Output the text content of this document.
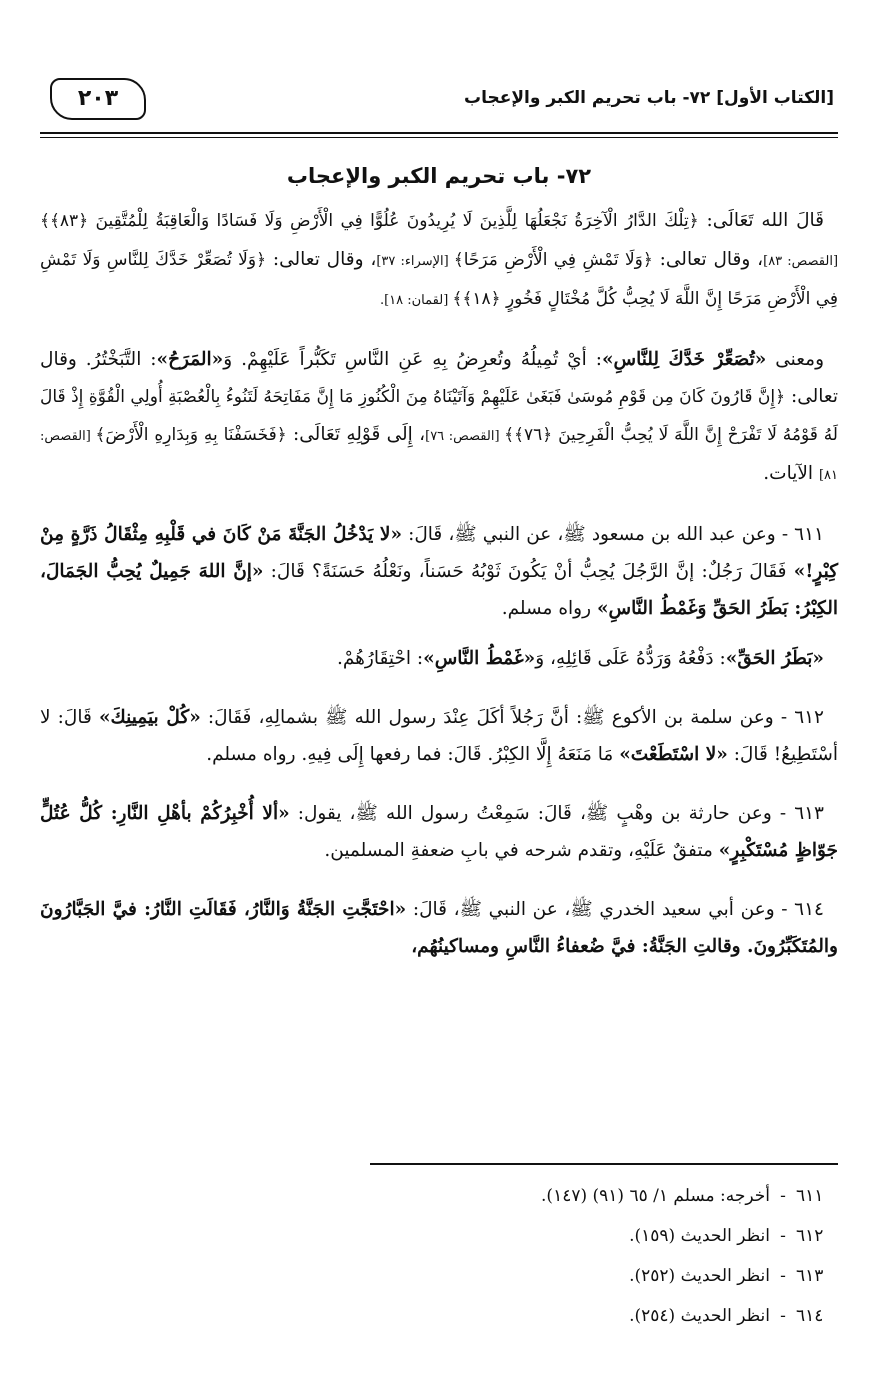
[الكتاب الأول] ٧٢- باب تحريم الكبر والإعجاب
٢٠٣
٧٢- باب تحريم الكبر والإعجاب

قَالَ الله تَعَالَى: ﴿تِلْكَ الدَّارُ الْآخِرَةُ نَجْعَلُهَا لِلَّذِينَ لَا يُرِيدُونَ عُلُوًّا فِي الْأَرْضِ وَلَا فَسَادًا وَالْعَاقِبَةُ لِلْمُتَّقِينَ ﴿٨٣﴾﴾ [القصص: ٨٣]، وقال تعالى: ﴿وَلَا تَمْشِ فِي الْأَرْضِ مَرَحًا﴾ [الإسراء: ٣٧]، وقال تعالى: ﴿وَلَا تُصَعِّرْ خَدَّكَ لِلنَّاسِ وَلَا تَمْشِ فِي الْأَرْضِ مَرَحًا إِنَّ اللَّهَ لَا يُحِبُّ كُلَّ مُخْتَالٍ فَخُورٍ ﴿١٨﴾﴾ [لقمان: ١٨].

ومعنى «تُصَعِّرْ خَدَّكَ لِلنَّاسِ»: أيْ تُمِيلُهُ وتُعرِضُ بِهِ عَنِ النَّاسِ تَكَبُّراً عَلَيْهِمْ. وَ«المَرَحُ»: التَّبَخْتُرُ. وقال تعالى: ﴿إِنَّ قَارُونَ كَانَ مِن قَوْمِ مُوسَىٰ فَبَغَىٰ عَلَيْهِمْ وَآتَيْنَاهُ مِنَ الْكُنُوزِ مَا إِنَّ مَفَاتِحَهُ لَتَنُوءُ بِالْعُصْبَةِ أُولِي الْقُوَّةِ إِذْ قَالَ لَهُ قَوْمُهُ لَا تَفْرَحْ إِنَّ اللَّهَ لَا يُحِبُّ الْفَرِحِينَ ﴿٧٦﴾﴾ [القصص: ٧٦]، إِلَى قَوْلِهِ تَعَالَى: ﴿فَخَسَفْنَا بِهِ وَبِدَارِهِ الْأَرْضَ﴾ [القصص: ٨١] الآيات.

٦١١ - وعن عبد الله بن مسعود ﷺ، عن النبي ﷺ، قَالَ: «لا يَدْخُلُ الجَنَّةَ مَنْ كَانَ في قَلْبِهِ مِثْقَالُ ذَرَّةٍ مِنْ كِبْرٍ!» فَقَالَ رَجُلٌ: إنَّ الرَّجُلَ يُحِبُّ أنْ يَكُونَ ثَوْبُهُ حَسَناً، ونَعْلُهُ حَسَنَةً؟ قَالَ: «إنَّ اللهَ جَمِيلٌ يُحِبُّ الجَمَالَ، الكِبْرُ: بَطَرُ الحَقِّ وَغَمْطُ النَّاسِ» رواه مسلم.

«بَطَرُ الحَقِّ»: دَفْعُهُ وَرَدُّهُ عَلَى قَائِلِهِ، وَ«غَمْطُ النَّاسِ»: احْتِقَارُهُمْ.

٦١٢ - وعن سلمة بن الأكوع ﷺ: أنَّ رَجُلاً أكَلَ عِنْدَ رسول الله ﷺ بشمالِهِ، فَقَالَ: «كُلْ بيَمِينِكَ» قَالَ: لا أسْتَطِيعُ! قَالَ: «لا اسْتَطَعْتَ» مَا مَنَعَهُ إِلَّا الكِبْرُ. قَالَ: فما رفعها إِلَى فِيهِ. رواه مسلم.

٦١٣ - وعن حارثة بن وهْبٍ ﷺ، قَالَ: سَمِعْتُ رسول الله ﷺ، يقول: «ألا أُخْبِرُكُمْ بأهْلِ النَّارِ: كُلُّ عُتُلٍّ جَوّاظٍ مُسْتَكْبِرٍ» متفقٌ عَلَيْهِ، وتقدم شرحه في بابِ ضعفةِ المسلمين.

٦١٤ - وعن أبي سعيد الخدري ﷺ، عن النبي ﷺ، قَالَ: «احْتَجَّتِ الجَنَّةُ وَالنَّارُ، فَقَالَتِ النَّارُ: فيَّ الجَبَّارُونَ والمُتَكَبِّرُونَ. وقالتِ الجَنَّةُ: فيَّ ضُعفاءُ النَّاسِ ومساكينُهُم،

٦١١
-
أخرجه: مسلم ١/ ٦٥ (٩١) (١٤٧).
٦١٢
-
انظر الحديث (١٥٩).
٦١٣
-
انظر الحديث (٢٥٢).
٦١٤
-
انظر الحديث (٢٥٤).
